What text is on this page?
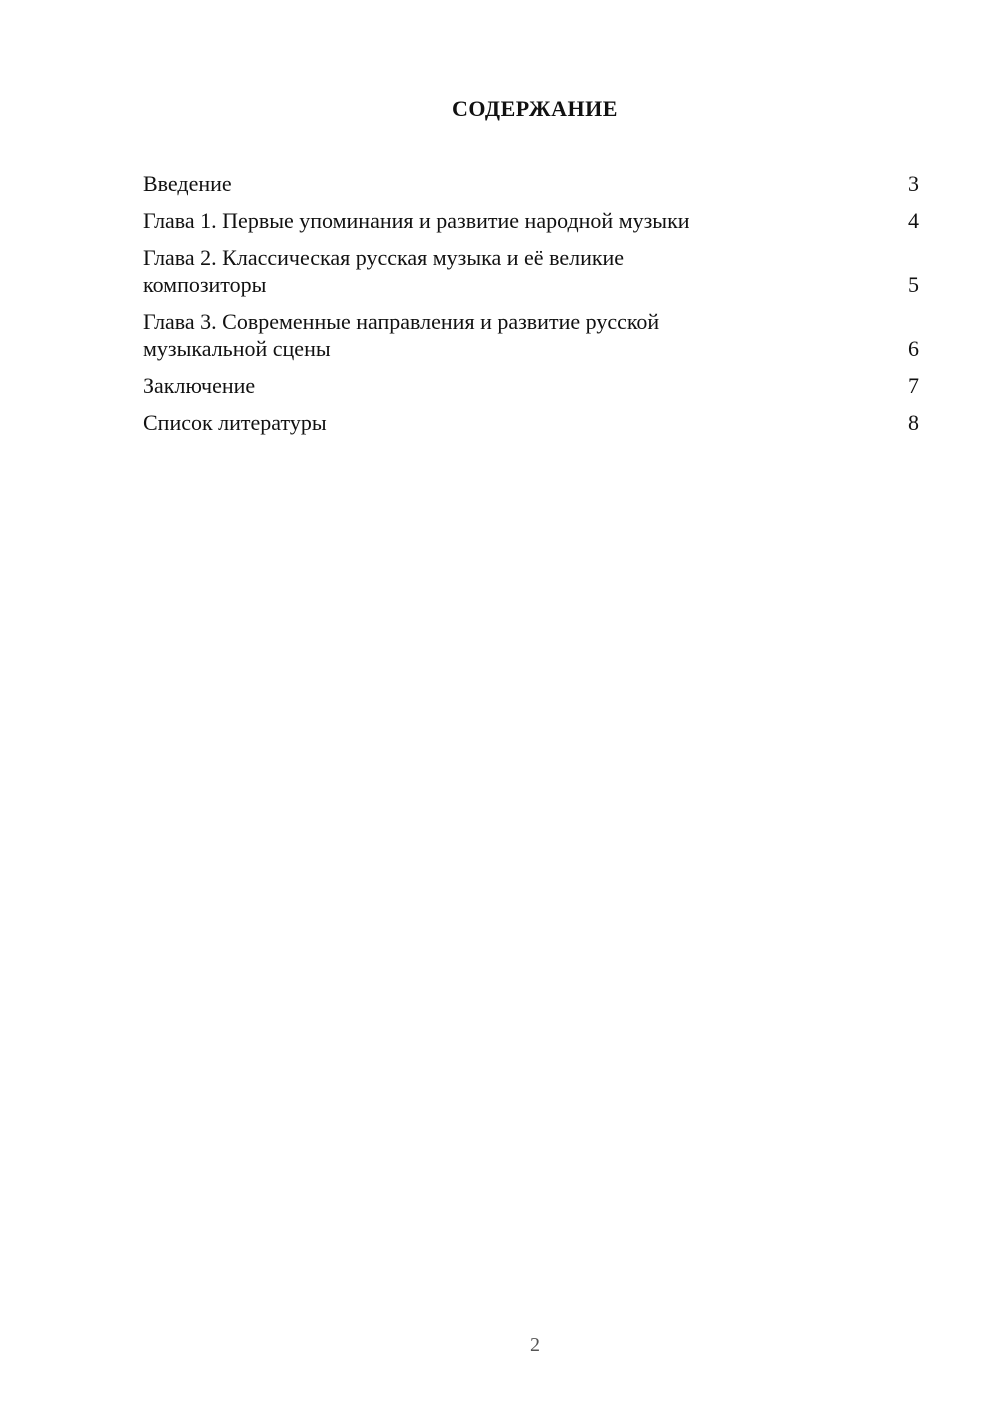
СОДЕРЖАНИЕ
Введение	3
Глава 1. Первые упоминания и развитие народной музыки	4
Глава 2. Классическая русская музыка и её великие композиторы	5
Глава 3. Современные направления и развитие русской музыкальной сцены	6
Заключение	7
Список литературы	8
2
